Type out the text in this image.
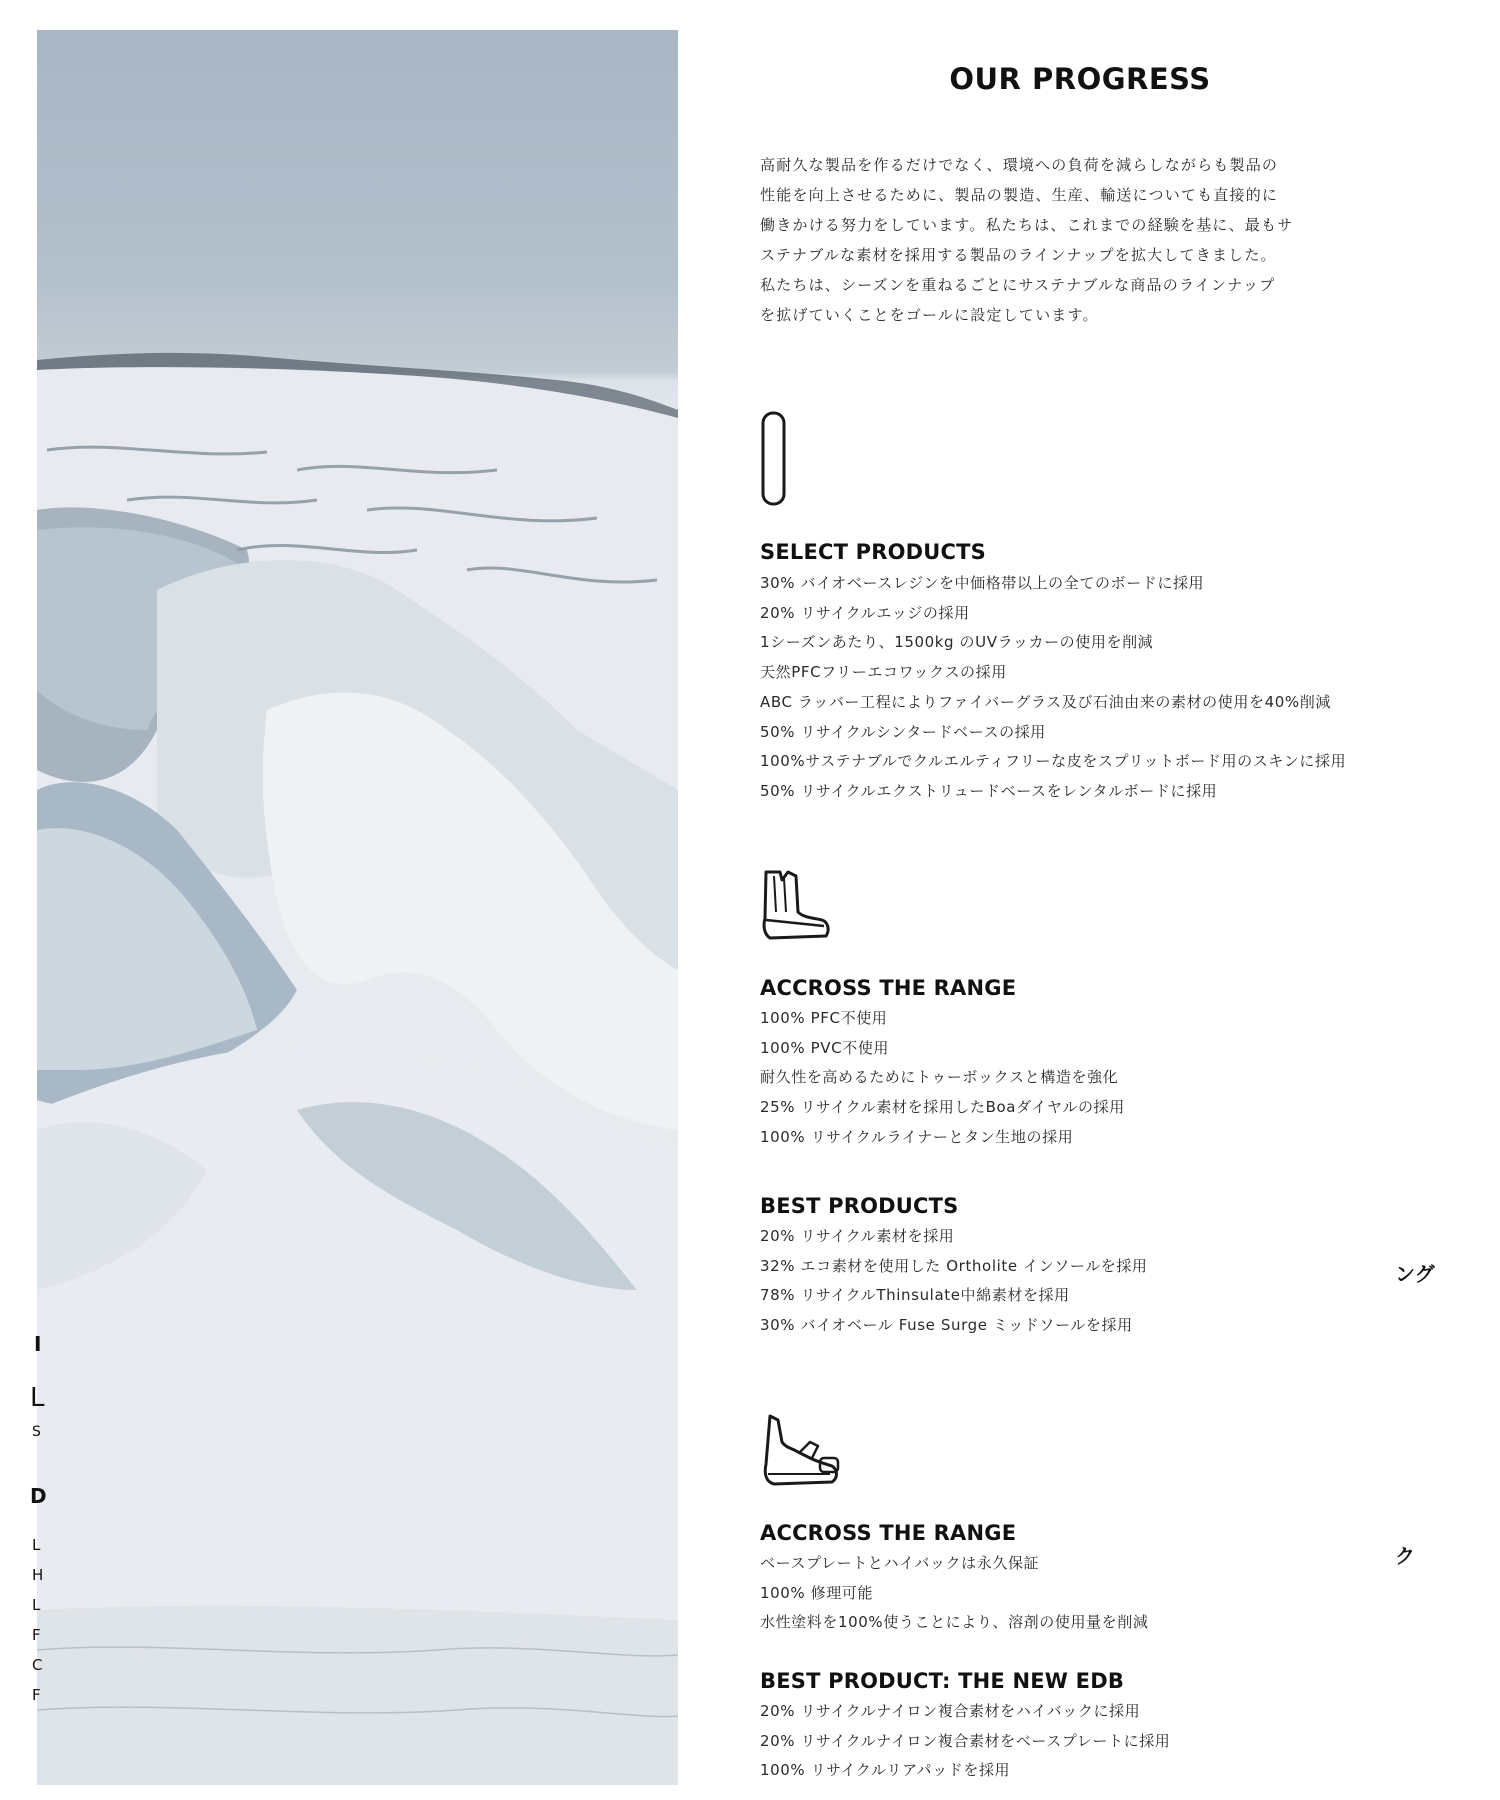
I
L
S
D
L
H
L
F
C
F
ング
ク
OUR PROGRESS
高耐久な製品を作るだけでなく、環境への負荷を減らしながらも製品の
性能を向上させるために、製品の製造、生産、輸送についても直接的に
働きかける努力をしています。私たちは、これまでの経験を基に、最もサ
ステナブルな素材を採用する製品のラインナップを拡大してきました。
私たちは、シーズンを重ねるごとにサステナブルな商品のラインナップ
を拡げていくことをゴールに設定しています。
SELECT PRODUCTS
30% バイオベースレジンを中価格帯以上の全てのボードに採用
20% リサイクルエッジの採用
1シーズンあたり、1500kg のUVラッカーの使用を削減
天然PFCフリーエコワックスの採用
ABC ラッバー工程によりファイバーグラス及び石油由来の素材の使用を40%削減
50% リサイクルシンタードベースの採用
100%サステナブルでクルエルティフリーな皮をスプリットボード用のスキンに採用
50% リサイクルエクストリュードベースをレンタルボードに採用
ACCROSS THE RANGE
100% PFC不使用
100% PVC不使用
耐久性を高めるためにトゥーボックスと構造を強化
25% リサイクル素材を採用したBoaダイヤルの採用
100% リサイクルライナーとタン生地の採用
BEST PRODUCTS
20% リサイクル素材を採用
32% エコ素材を使用した Ortholite インソールを採用
78% リサイクルThinsulate中綿素材を採用
30% バイオベール Fuse Surge ミッドソールを採用
ACCROSS THE RANGE
ベースプレートとハイバックは永久保証
100% 修理可能
水性塗料を100%使うことにより、溶剤の使用量を削減
BEST PRODUCT: THE NEW EDB
20% リサイクルナイロン複合素材をハイバックに採用
20% リサイクルナイロン複合素材をベースプレートに採用
100% リサイクルリアパッドを採用
